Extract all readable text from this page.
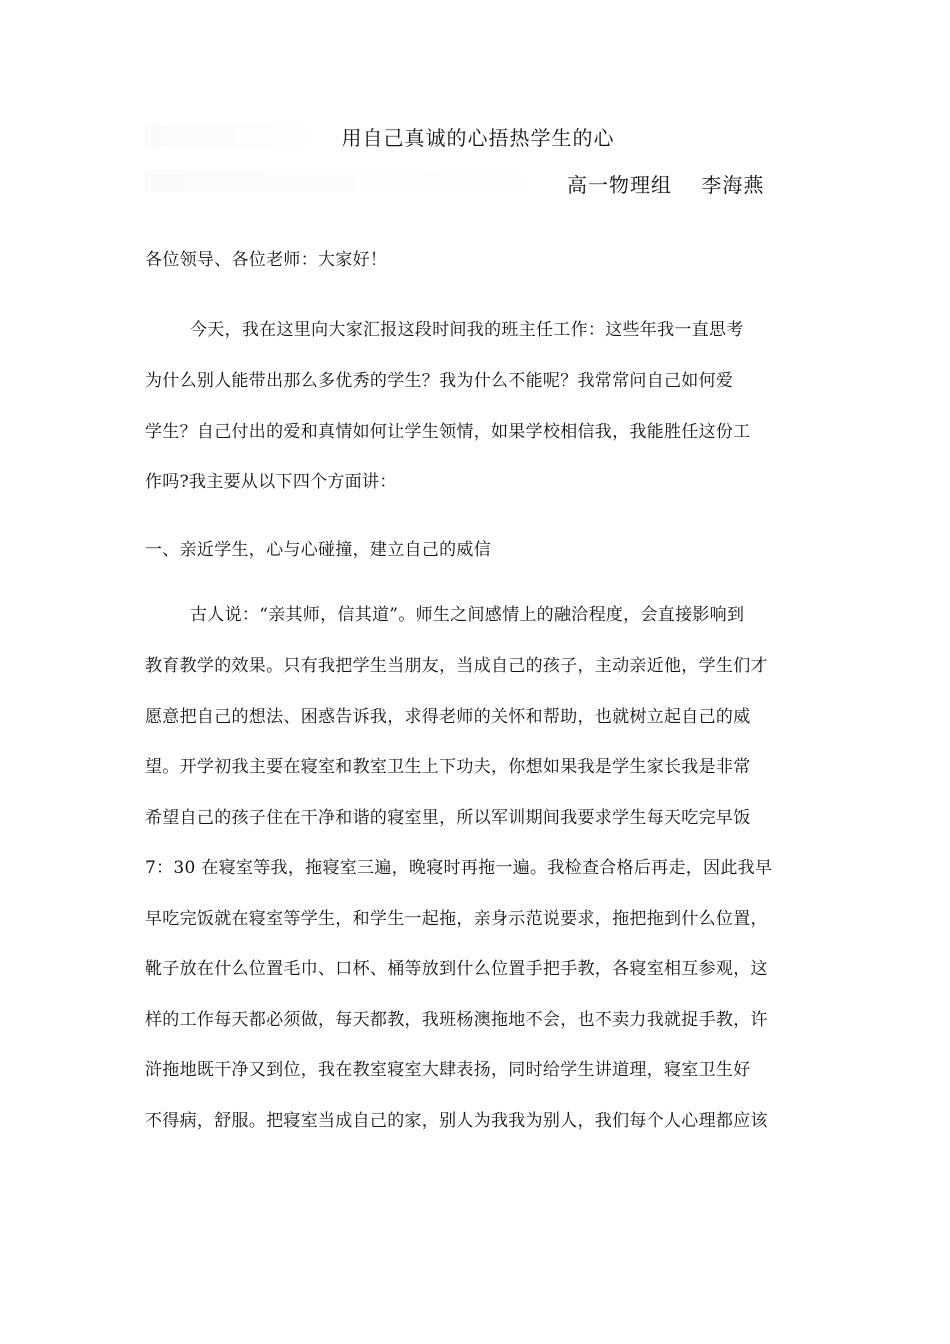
用自己真诚的心捂热学生的心
高一物理组    李海燕
各位领导、各位老师：大家好！
今天，我在这里向大家汇报这段时间我的班主任工作：这些年我一直思考
为什么别人能带出那么多优秀的学生？我为什么不能呢？我常常问自己如何爱
学生？自己付出的爱和真情如何让学生领情，如果学校相信我，我能胜任这份工
作吗?我主要从以下四个方面讲：
一、亲近学生，心与心碰撞，建立自己的威信
古人说：“亲其师，信其道”。师生之间感情上的融洽程度，会直接影响到
教育教学的效果。只有我把学生当朋友，当成自己的孩子，主动亲近他，学生们才
愿意把自己的想法、困惑告诉我，求得老师的关怀和帮助，也就树立起自己的威
望。开学初我主要在寝室和教室卫生上下功夫，你想如果我是学生家长我是非常
希望自己的孩子住在干净和谐的寝室里，所以军训期间我要求学生每天吃完早饭
7：30 在寝室等我，拖寝室三遍，晚寝时再拖一遍。我检查合格后再走，因此我早
早吃完饭就在寝室等学生，和学生一起拖，亲身示范说要求，拖把拖到什么位置，
靴子放在什么位置毛巾、口杯、桶等放到什么位置手把手教，各寝室相互参观，这
样的工作每天都必须做，每天都教，我班杨澳拖地不会，也不卖力我就捉手教，许
浒拖地既干净又到位，我在教室寝室大肆表扬，同时给学生讲道理，寝室卫生好
不得病，舒服。把寝室当成自己的家，别人为我我为别人，我们每个人心理都应该
